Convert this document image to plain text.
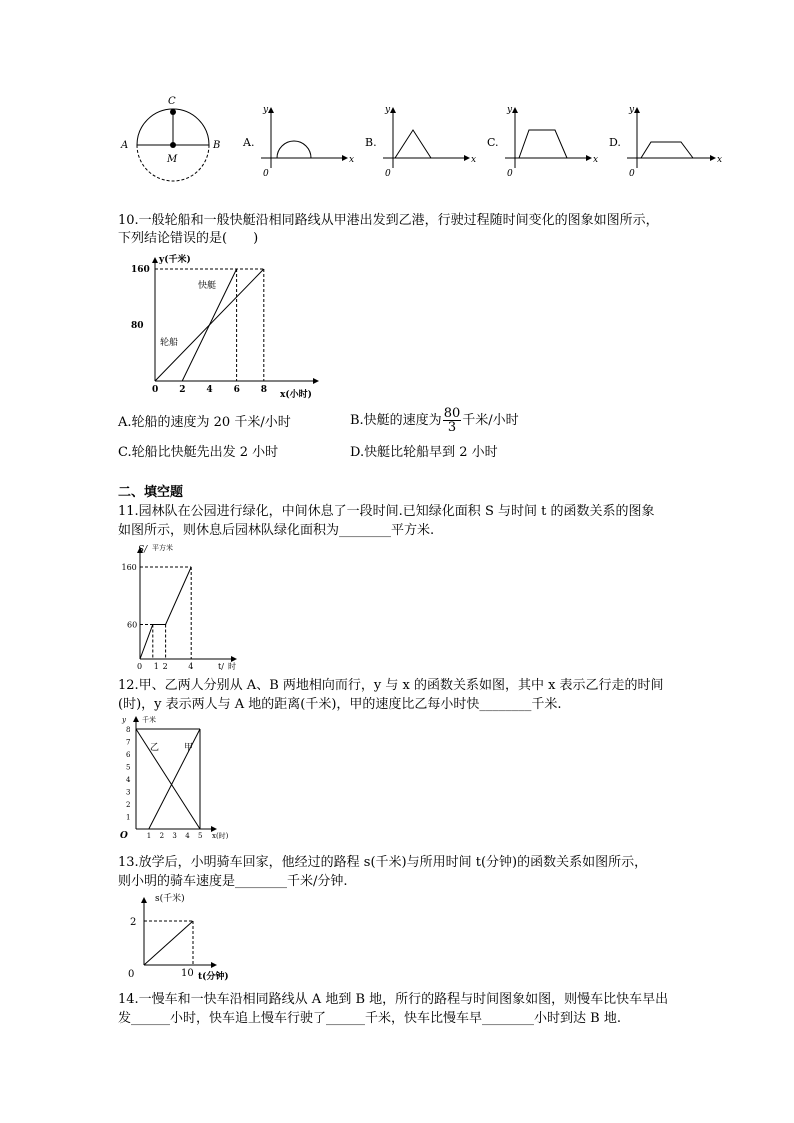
A	B
C
M
A.
y
x
0
B.
y
x
0
C.
y
x
0
D.
y
x
0
10.一般轮船和一般快艇沿相同路线从甲港出发到乙港，行驶过程随时间变化的图象如图所示，
下列结论错误的是(　　)
轮船
快艇
0 2 4 6 8
80
160
y(千米)
x(小时)
A.轮船的速度为 20 千米/小时	B.快艇的速度为 $\frac{80}{3}$ 千米/小时
C.轮船比快艇先出发 2 小时	D.快艇比轮船早到 2 小时
二、填空题
11.园林队在公园进行绿化，中间休息了一段时间.已知绿化面积 S 与时间 t 的函数关系的图象
如图所示，则休息后园林队绿化面积为________平方米.
0	2	4
1
60
160
S/ 平方米
t/ 时
12.甲、乙两人分别从 A、B 两地相向而行，y 与 x 的函数关系如图，其中 x 表示乙行走的时间
(时)，y 表示两人与 A 地的距离(千米)，甲的速度比乙每小时快________千米.
乙	甲
1 2 3 4 5
1
2
3
4
5
6
7
8
O
y 千米
x(时)
13.放学后，小明骑车回家，他经过的路程 s(千米)与所用时间 t(分钟)的函数关系如图所示，
则小明的骑车速度是________千米/分钟.
0	10
2
s(千米)
t(分钟)
14.一慢车和一快车沿相同路线从 A 地到 B 地，所行的路程与时间图象如图，则慢车比快车早出
发______小时，快车追上慢车行驶了______千米，快车比慢车早________小时到达 B 地.
